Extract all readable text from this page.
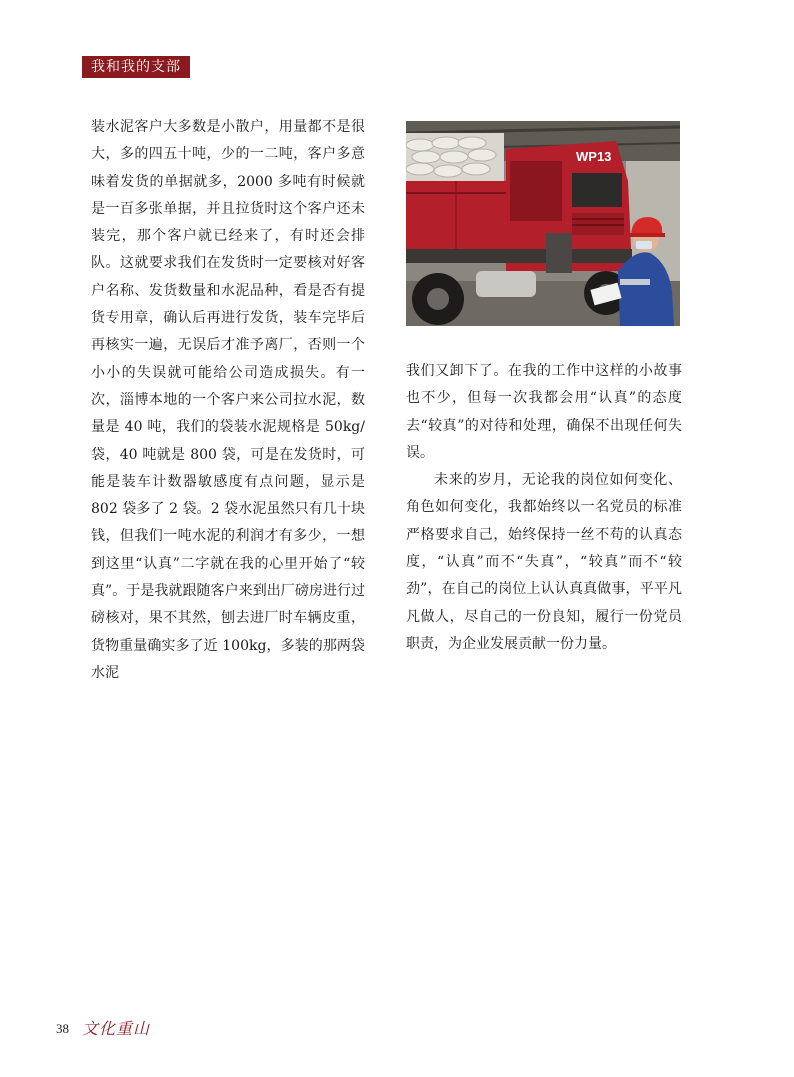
我和我的支部

装水泥客户大多数是小散户，用量都不是很大，多的四五十吨，少的一二吨，客户多意味着发货的单据就多，2000 多吨有时候就是一百多张单据，并且拉货时这个客户还未装完，那个客户就已经来了，有时还会排队。这就要求我们在发货时一定要核对好客户名称、发货数量和水泥品种，看是否有提货专用章，确认后再进行发货，装车完毕后再核实一遍，无误后才准予离厂，否则一个小小的失误就可能给公司造成损失。有一次，淄博本地的一个客户来公司拉水泥，数量是 40 吨，我们的袋装水泥规格是 50kg/ 袋，40 吨就是 800 袋，可是在发货时，可能是装车计数器敏感度有点问题，显示是 802 袋多了 2 袋。2 袋水泥虽然只有几十块钱，但我们一吨水泥的利润才有多少，一想到这里“认真”二字就在我的心里开始了“较真”。于是我就跟随客户来到出厂磅房进行过磅核对，果不其然，刨去进厂时车辆皮重，货物重量确实多了近 100kg，多装的那两袋水泥

WP13

我们又卸下了。在我的工作中这样的小故事也不少，但每一次我都会用“认真”的态度去“较真”的对待和处理，确保不出现任何失误。

未来的岁月，无论我的岗位如何变化、角色如何变化，我都始终以一名党员的标准严格要求自己，始终保持一丝不苟的认真态度，“认真”而不“失真”，“较真”而不“较劲”，在自己的岗位上认认真真做事，平平凡凡做人，尽自己的一份良知，履行一份党员职责，为企业发展贡献一份力量。

38 文化重山
